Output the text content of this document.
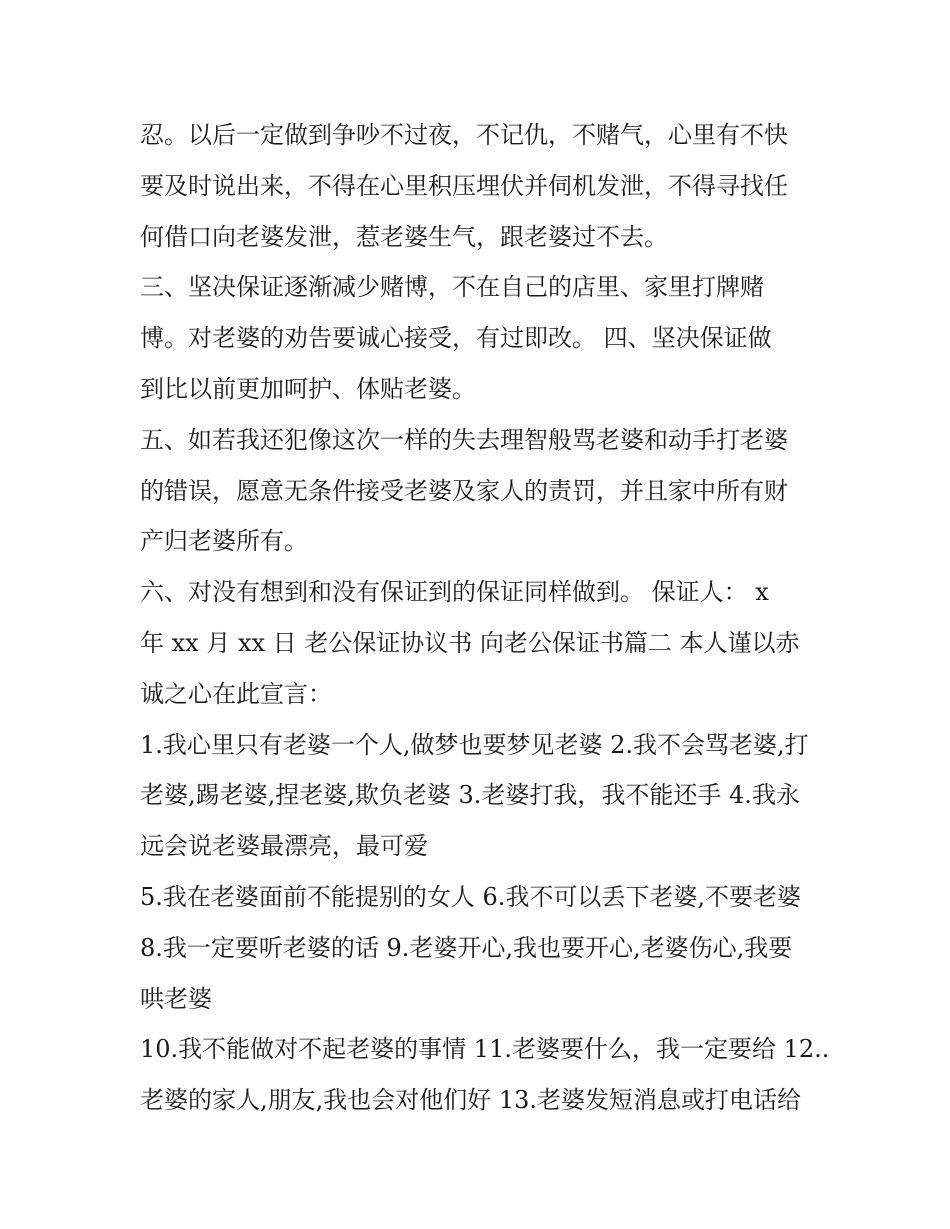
忍。以后一定做到争吵不过夜，不记仇，不赌气，心里有不快

要及时说出来，不得在心里积压埋伏并伺机发泄，不得寻找任

何借口向老婆发泄，惹老婆生气，跟老婆过不去。

三、坚决保证逐渐减少赌博，不在自己的店里、家里打牌赌

博。对老婆的劝告要诚心接受，有过即改。 四、坚决保证做

到比以前更加呵护、体贴老婆。

五、如若我还犯像这次一样的失去理智般骂老婆和动手打老婆

的错误，愿意无条件接受老婆及家人的责罚，并且家中所有财

产归老婆所有。

六、对没有想到和没有保证到的保证同样做到。 保证人： x

年 xx 月 xx 日 老公保证协议书 向老公保证书篇二 本人谨以赤

诚之心在此宣言：

1.我心里只有老婆一个人,做梦也要梦见老婆 2.我不会骂老婆,打

老婆,踢老婆,捏老婆,欺负老婆 3.老婆打我，我不能还手 4.我永

远会说老婆最漂亮，最可爱

5.我在老婆面前不能提别的女人 6.我不可以丢下老婆,不要老婆

8.我一定要听老婆的话 9.老婆开心,我也要开心,老婆伤心,我要

哄老婆

10.我不能做对不起老婆的事情 11.老婆要什么，我一定要给 12..

老婆的家人,朋友,我也会对他们好 13.老婆发短消息或打电话给
